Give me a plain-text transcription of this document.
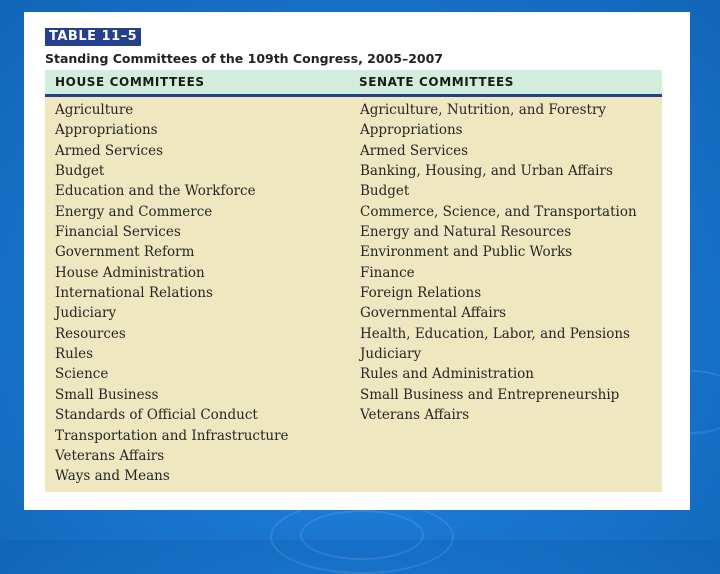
TABLE 11–5
Standing Committees of the 109th Congress, 2005–2007
HOUSE COMMITTEES	SENATE COMMITTEES
Agriculture
Appropriations
Armed Services
Budget
Education and the Workforce
Energy and Commerce
Financial Services
Government Reform
House Administration
International Relations
Judiciary
Resources
Rules
Science
Small Business
Standards of Official Conduct
Transportation and Infrastructure
Veterans Affairs
Ways and Means
Agriculture, Nutrition, and Forestry
Appropriations
Armed Services
Banking, Housing, and Urban Affairs
Budget
Commerce, Science, and Transportation
Energy and Natural Resources
Environment and Public Works
Finance
Foreign Relations
Governmental Affairs
Health, Education, Labor, and Pensions
Judiciary
Rules and Administration
Small Business and Entrepreneurship
Veterans Affairs
